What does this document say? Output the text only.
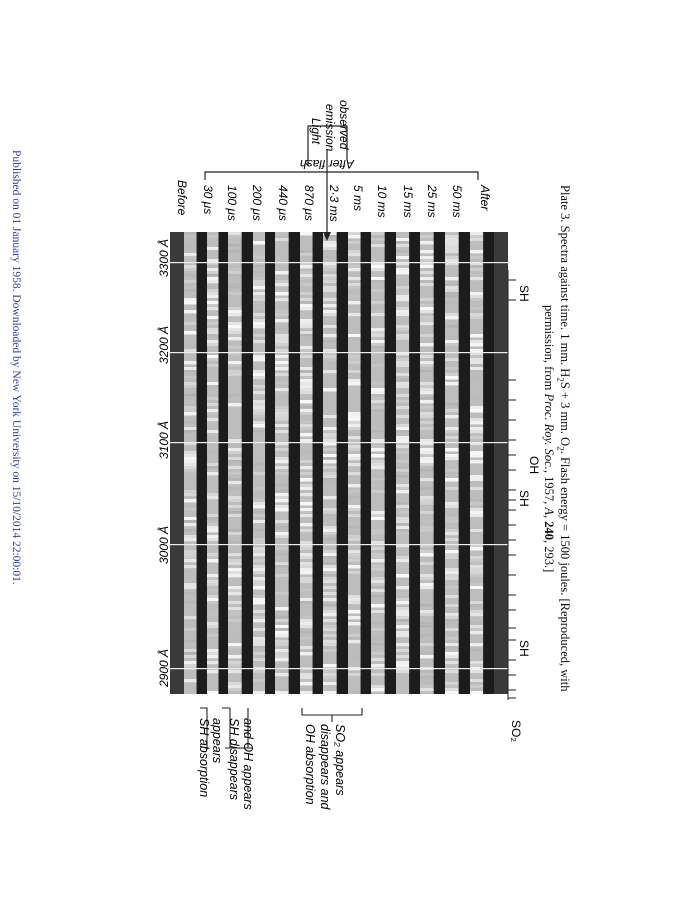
Published on 01 January 1958. Downloaded by New York University on 15/10/2014 22:00:01.	Plate 3. Spectra against time. 1 mm. $H_2S + 3$ mm. $O_2$. Flash energy = 1500 joules. [Reproduced, with
permission, from Proc. Roy. Soc., 1957, A, 240, 293.]
2900 Å
3000 Å
3100 Å
3200 Å
3300 Å
Before 30 μs 100 μs 200 μs 440 μs 870 μs 2·3 ms 5 ms 10 ms 15 ms 25 ms 50 ms After
After flash
Light emission observed
SO₂
SH
SH
OH
SH
SH absorption appears SH disappears and OH appears	OH absorption disappears and SO₂ appears
